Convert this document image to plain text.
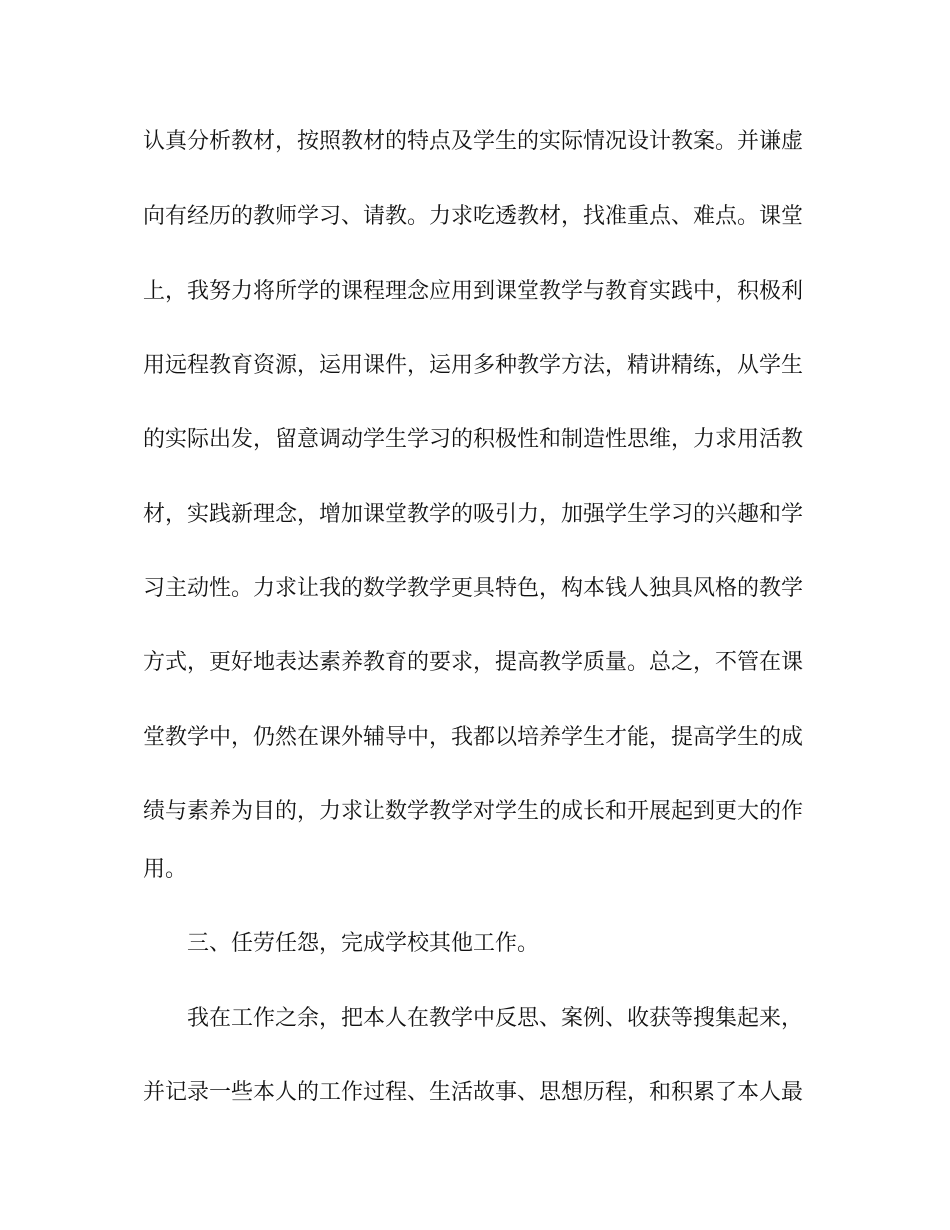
认真分析教材，按照教材的特点及学生的实际情况设计教案。并谦虚
向有经历的教师学习、请教。力求吃透教材，找准重点、难点。课堂
上，我努力将所学的课程理念应用到课堂教学与教育实践中，积极利
用远程教育资源，运用课件，运用多种教学方法，精讲精练，从学生
的实际出发，留意调动学生学习的积极性和制造性思维，力求用活教
材，实践新理念，增加课堂教学的吸引力，加强学生学习的兴趣和学
习主动性。力求让我的数学教学更具特色，构本钱人独具风格的教学
方式，更好地表达素养教育的要求，提高教学质量。总之，不管在课
堂教学中，仍然在课外辅导中，我都以培养学生才能，提高学生的成
绩与素养为目的，力求让数学教学对学生的成长和开展起到更大的作
用。
三、任劳任怨，完成学校其他工作。
我在工作之余，把本人在教学中反思、案例、收获等搜集起来，
并记录一些本人的工作过程、生活故事、思想历程，和积累了本人最
